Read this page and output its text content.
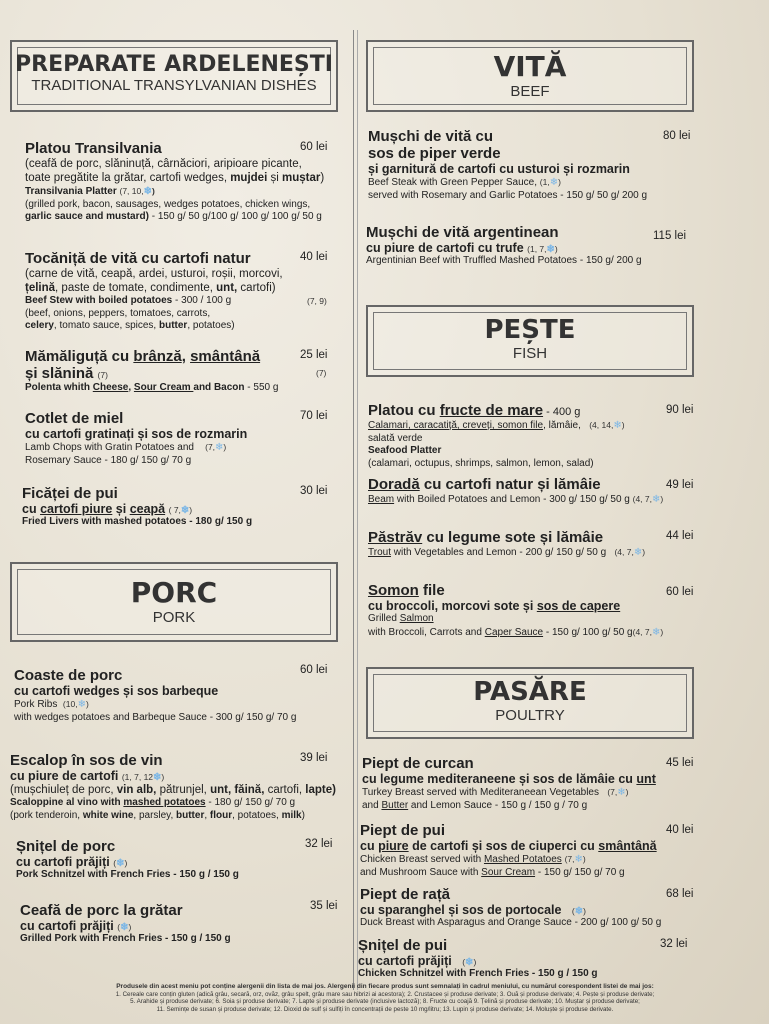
PREPARATE ARDELENEȘTI
TRADITIONAL TRANSYLVANIAN DISHES
VITĂ
BEEF
PORC
PORK
PEȘTE
FISH
PASĂRE
POULTRY
Platou Transilvania
(ceafă de porc, slăninuță, cârnăciori, aripioare picante,
toate pregătite la grătar, cartofi wedges, mujdei și muștar)
Transilvania Platter (7, 10,❄)
(grilled pork, bacon, sausages, wedges potatoes, chicken wings,
garlic sauce and mustard) - 150 g/ 50 g/100 g/ 100 g/ 100 g/ 50 g
60 lei
Tocăniță de vită cu cartofi natur
(carne de vită, ceapă, ardei, usturoi, roșii, morcovi,
țelină, paste de tomate, condimente, unt, cartofi)
Beef Stew with boiled potatoes - 300 / 100 g
(beef, onions, peppers, tomatoes, carrots,
celery, tomato sauce, spices, butter, potatoes)
40 lei
(7, 9)
Mămăliguță cu brânză, smântână
și slănină (7)
Polenta whith Cheese, Sour Cream and Bacon - 550 g
25 lei
(7)
Cotlet de miel
cu cartofi gratinați și sos de rozmarin
Lamb Chops with Gratin Potatoes and (7,❄)
Rosemary Sauce - 180 g/ 150 g/ 70 g
70 lei
Ficăței de pui
cu cartofi piure și ceapă ( 7,❄)
Fried Livers with mashed potatoes - 180 g/ 150 g
30 lei
Coaste de porc
cu cartofi wedges și sos barbeque
Pork Ribs (10,❄)
with wedges potatoes and Barbeque Sauce - 300 g/ 150 g/ 70 g
60 lei
Escalop în sos de vin
cu piure de cartofi (1, 7, 12❄)
(mușchiuleț de porc, vin alb, pătrunjel, unt, făină, cartofi, lapte)
Scaloppine al vino with mashed potatoes - 180 g/ 150 g/ 70 g
(pork tenderoin, white wine, parsley, butter, flour, potatoes, milk)
39 lei
Șnițel de porc
cu cartofi prăjiți (❄)
Pork Schnitzel with French Fries - 150 g / 150 g
32 lei
Ceafă de porc la grătar
cu cartofi prăjiți (❄)
Grilled Pork with French Fries - 150 g / 150 g
35 lei
Mușchi de vită cu
sos de piper verde
și garnitură de cartofi cu usturoi și rozmarin
Beef Steak with Green Pepper Sauce, (1,❄)
served with Rosemary and Garlic Potatoes - 150 g/ 50 g/ 200 g
80 lei
Mușchi de vită argentinean
cu piure de cartofi cu trufe (1, 7,❄)
Argentinian Beef with Truffled Mashed Potatoes - 150 g/ 200 g
115 lei
Platou cu fructe de mare - 400 g
Calamari, caracatiță, creveți, somon file, lămâie, (4, 14,❄)
salată verde
Seafood Platter
(calamari, octupus, shrimps, salmon, lemon, salad)
90 lei
Doradă cu cartofi natur și lămâie
Beam with Boiled Potatoes and Lemon - 300 g/ 150 g/ 50 g (4, 7,❄)
49 lei
Păstrăv cu legume sote și lămâie
Trout with Vegetables and Lemon - 200 g/ 150 g/ 50 g (4, 7,❄)
44 lei
Somon file
cu broccoli, morcovi sote și sos de capere
Grilled Salmon
with Broccoli, Carrots and Caper Sauce - 150 g/ 100 g/ 50 g(4, 7,❄)
60 lei
Piept de curcan
cu legume mediteraneene și sos de lămâie cu unt
Turkey Breast served with Mediteraneean Vegetables (7,❄)
and Butter and Lemon Sauce - 150 g / 150 g / 70 g
45 lei
Piept de pui
cu piure de cartofi și sos de ciuperci cu smântână
Chicken Breast served with Mashed Potatoes (7,❄)
and Mushroom Sauce with Sour Cream - 150 g/ 150 g/ 70 g
40 lei
Piept de rață
cu sparanghel și sos de portocale (❄)
Duck Breast with Asparagus and Orange Sauce - 200 g/ 100 g/ 50 g
68 lei
Șnițel de pui
cu cartofi prăjiți (❄)
Chicken Schnitzel with French Fries - 150 g / 150 g
32 lei
Produsele din acest meniu pot conține alergenii din lista de mai jos. Alergenii din fiecare produs sunt semnalați în cadrul meniului, cu numărul corespondent listei de mai jos:
1. Cereale care conțin gluten (adică grâu, secară, orz, ovăz, grâu spelt, grâu mare sau hibrizi ai acestora); 2. Crustacee și produse derivate; 3. Ouă și produse derivate; 4. Pește și produse derivate;
5. Arahide și produse derivate; 6. Soia și produse derivate; 7. Lapte și produse derivate (inclusive lactoză); 8. Fructe cu coajă 9. Țelină și produse derivate; 10. Muștar și produse derivate;
11. Semințe de susan și produse derivate; 12. Dioxid de sulf și sulfiți în concentrații de peste 10 mg/litru; 13. Lupin și produse derivate; 14. Moluște și produse derivate.
